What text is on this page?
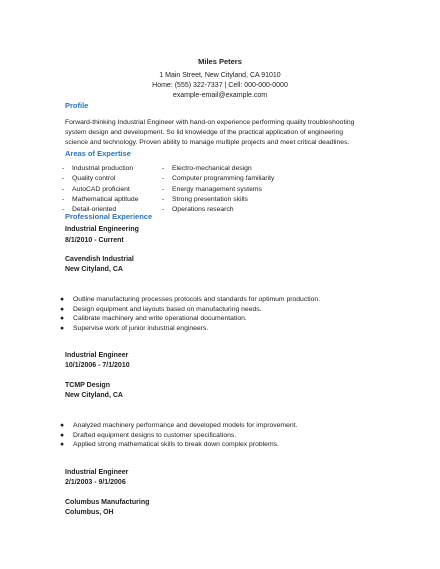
Miles Peters
1 Main Street, New Cityland, CA 91010
Home: (555) 322-7337 | Cell: 000-000-0000
example-email@example.com
Profile
Forward-thinking Industrial Engineer with hand-on experience performing quality troubleshooting
system design and development. So lid knowledge of the practical application of engineering
science and technology. Proven ability to manage multiple projects and meet critical deadlines.
Areas of Expertise
- Industrial production
- Quality control
- AutoCAD proficient
- Mathematical aptitude
- Detail-oriented
- Electro-mechanical design
- Computer programming familiarity
- Energy management systems
- Strong presentation skills
- Operations research
Professional Experience
Industrial Engineering
8/1/2010 - Current
Cavendish Industrial
New Cityland, CA
● Outline manufacturing processes protocols and standards for optimum production.
● Design equipment and layouts based on manufacturing needs.
● Calibrate machinery and write operational documentation.
● Supervise work of junior industrial engineers.
Industrial Engineer
10/1/2006 - 7/1/2010
TCMP Design
New Cityland, CA
● Analyzed machinery performance and developed models for improvement.
● Drafted equipment designs to customer specifications.
● Applied strong mathematical skills to break down complex problems.
Industrial Engineer
2/1/2003 - 9/1/2006
Columbus Manufacturing
Columbus, OH
